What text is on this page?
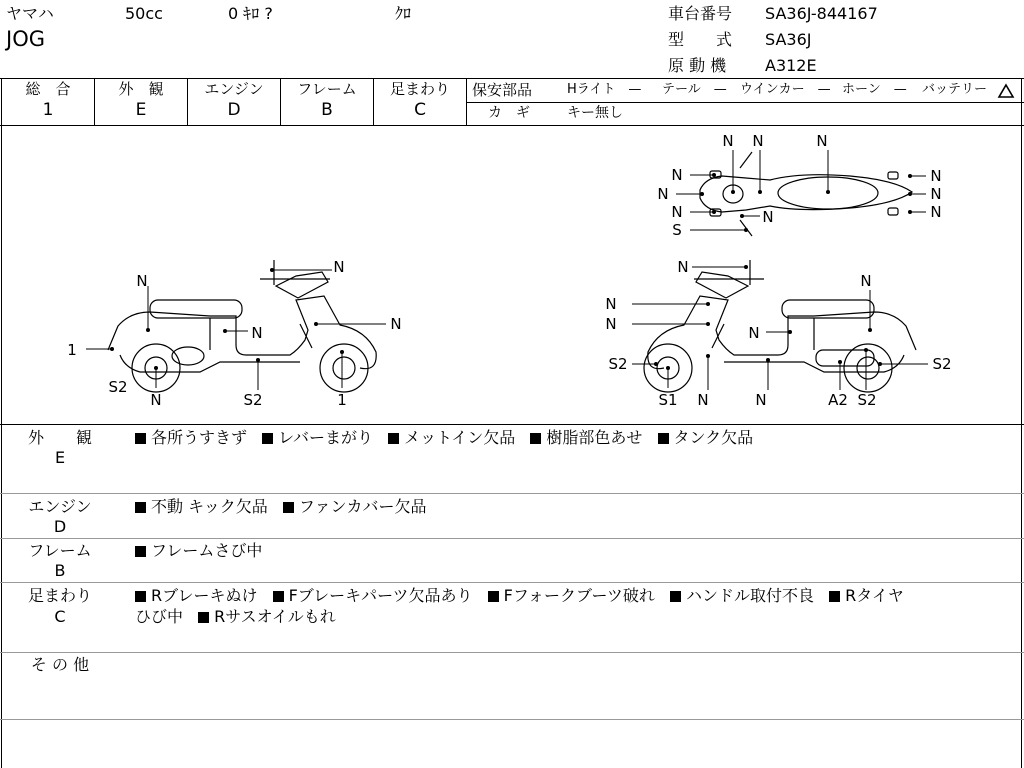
ヤマハ	50cc	0 ｷﾛ ?	ｸﾛ
JOG
車台番号 SA36J-844167
型　　式 SA36J
原 動 機 A312E
総　合
1
外　観
E
エンジン
D
フレーム
B
足まわり
C
保安部品	Hライト　— テール　— ウインカー　— ホーン　— バッテリー
カ　ギ	キー無し
N N	N
N
N
N
N
N
N
N
S
N
N
N	N
1
S2
N	S2	1
N
N
N
N	N
S2	S2
S1 N	N	A2 S2
外　　観
E
各所うすきず レバーまがり メットイン欠品 樹脂部色あせ タンク欠品
エンジン
D
不動 キック欠品 ファンカバー欠品
フレーム
B
フレームさび中
足まわり
C
Rブレーキぬけ Fブレーキパーツ欠品あり Fフォークブーツ破れ ハンドル取付不良 Rタイヤ
ひび中 Rサスオイルもれ
そ の 他
